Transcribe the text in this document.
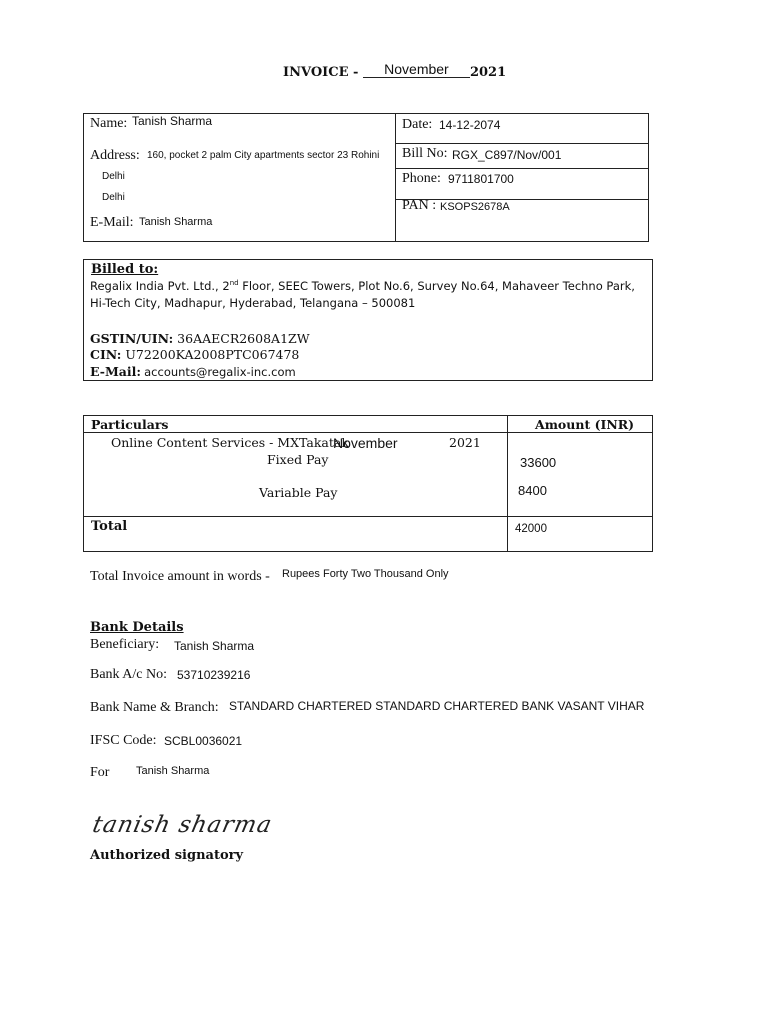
INVOICE - November 2021
Name: Tanish Sharma
Address: 160, pocket 2 palm City apartments sector 23 Rohini
Delhi
Delhi
E-Mail: Tanish Sharma
Date: 14-12-2074
Bill No: RGX_C897/Nov/001
Phone: 9711801700
PAN : KSOPS2678A
Billed to:
Regalix India Pvt. Ltd., 2nd Floor, SEEC Towers, Plot No.6, Survey No.64, Mahaveer Techno Park,
Hi-Tech City, Madhapur, Hyderabad, Telangana – 500081
GSTIN/UIN: 36AAECR2608A1ZW
CIN: U72200KA2008PTC067478
E-Mail: accounts@regalix-inc.com
Particulars	Amount (INR)
Online Content Services - MXTakatak
November	2021
Fixed Pay	33600
Variable Pay	8400
Total	42000
Total Invoice amount in words - Rupees Forty Two Thousand Only
Bank Details
Beneficiary: Tanish Sharma
Bank A/c No: 53710239216
Bank Name & Branch: STANDARD CHARTERED STANDARD CHARTERED BANK VASANT VIHAR
IFSC Code: SCBL0036021
For Tanish Sharma
tanish sharma
Authorized signatory
